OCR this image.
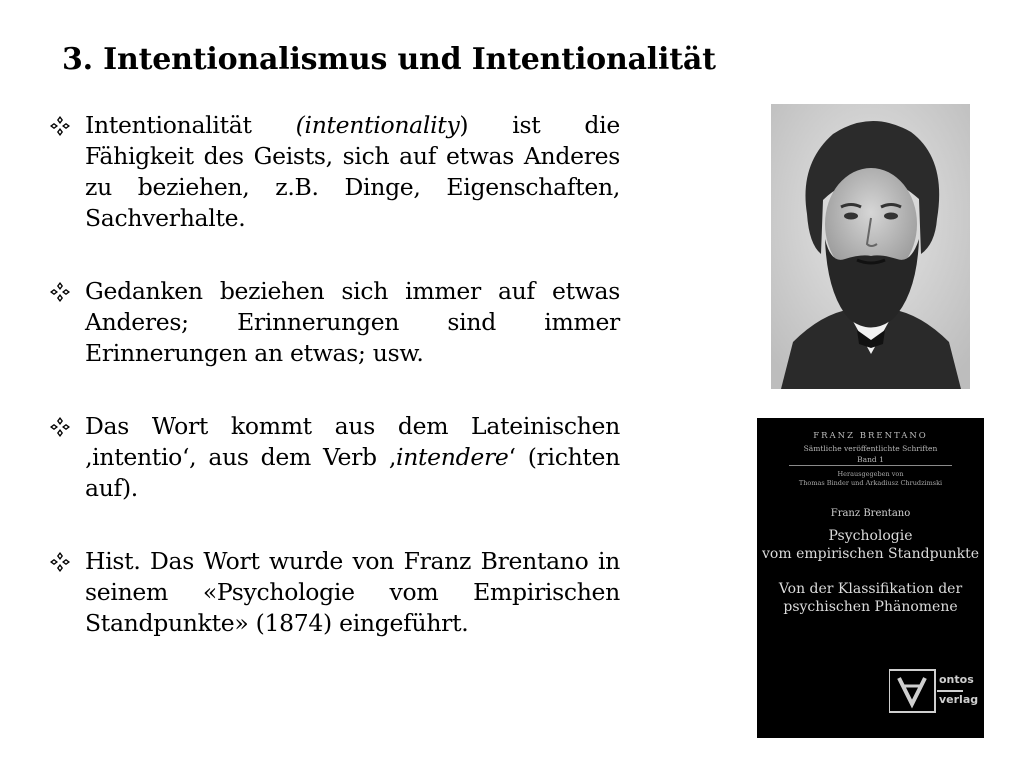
3. Intentionalismus und Intentionalität
Intentionalität (intentionality) ist die Fähigkeit des Geists, sich auf etwas Anderes zu beziehen, z.B. Dinge, Eigenschaften, Sachverhalte.
Gedanken beziehen sich immer auf etwas Anderes; Erinnerungen sind immer Erinnerungen an etwas; usw.
Das Wort kommt aus dem Lateinischen ‚intentio‘, aus dem Verb ‚intendere‘ (richten auf).
Hist. Das Wort wurde von Franz Brentano in seinem «Psychologie vom Empirischen Standpunkte» (1874) eingeführt.
FRANZ BRENTANO
Sämtliche veröffentlichte Schriften
Band 1
Herausgegeben von
Thomas Binder und Arkadiusz Chrudzimski
Franz Brentano
Psychologie
vom empirischen Standpunkte
Von der Klassifikation der
psychischen Phänomene
ontos
verlag
